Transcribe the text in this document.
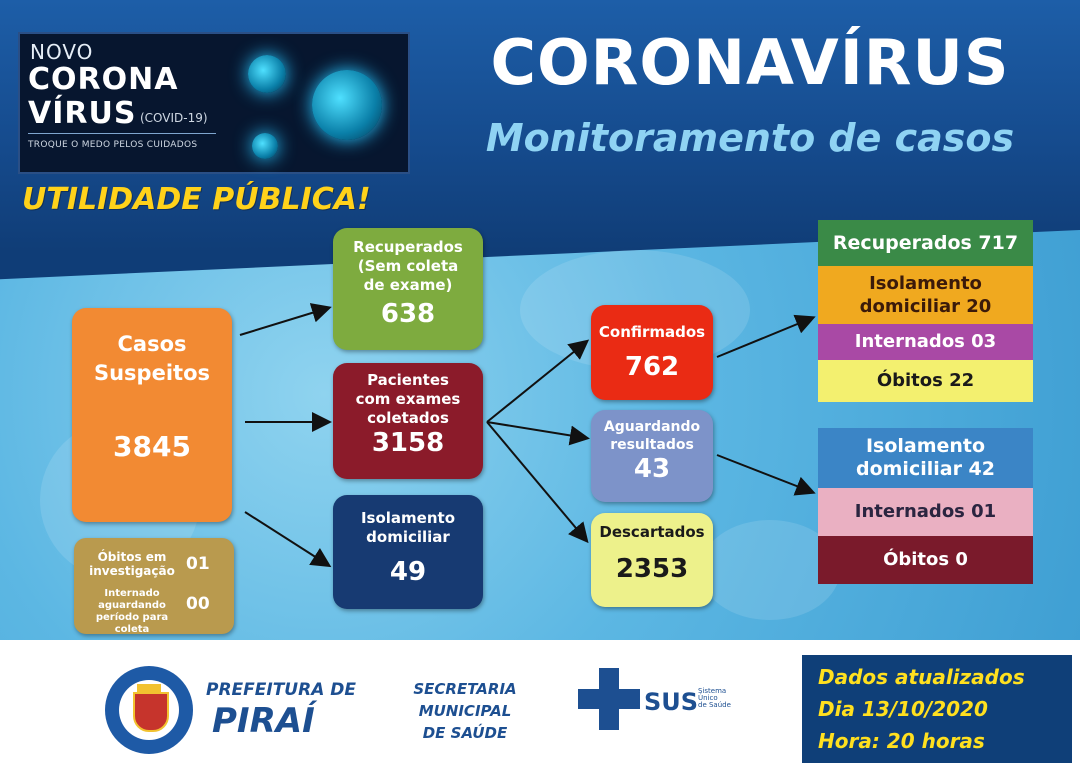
NOVO
CORONA
VÍRUS (COVID-19)
TROQUE O MEDO PELOS CUIDADOS
CORONAVÍRUS
Monitoramento de casos
UTILIDADE PÚBLICA!
Casos
Suspeitos
3845
Óbitos em
investigação 01
Internado
aguardando
período para coleta
00
Recuperados
(Sem coleta
de exame)
638
Pacientes
com exames
coletados
3158
Isolamento
domiciliar
49
Confirmados
762
Aguardando
resultados
43
Descartados
2353
Recuperados 717
Isolamento
domiciliar 20
Internados 03
Óbitos 22
Isolamento
domiciliar 42
Internados 01
Óbitos 0
PREFEITURA DE
PIRAÍ
SECRETARIA
MUNICIPAL
DE SAÚDE
SUS Sistema
Único
de Saúde
Dados atualizados
Dia 13/10/2020
Hora: 20 horas
